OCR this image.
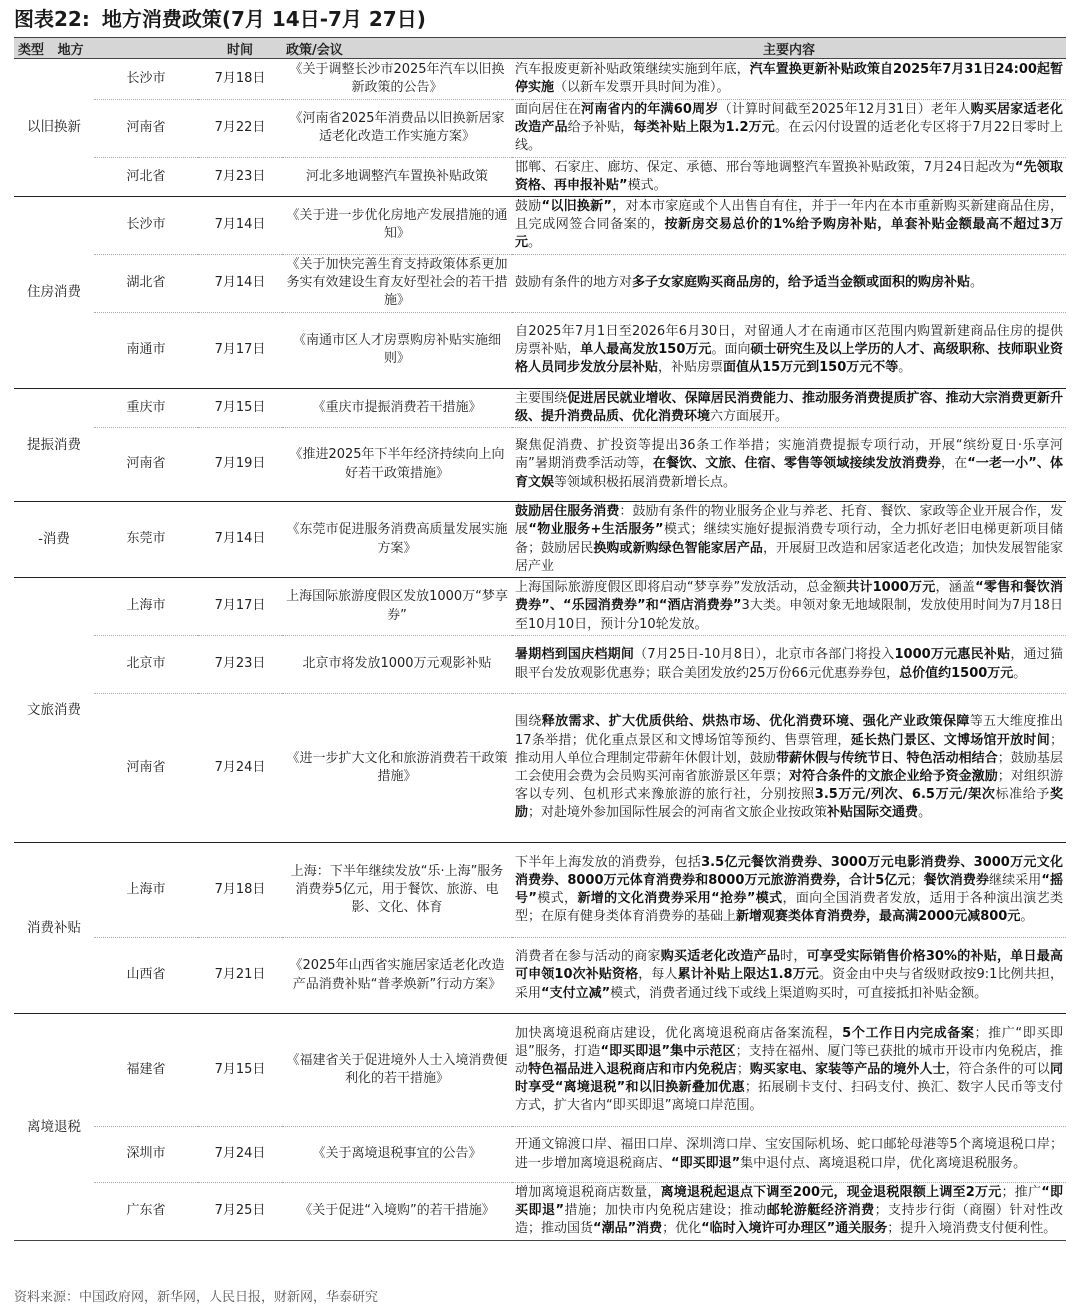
图表22: 地方消费政策(7月 14日-7月 27日)
类型 地方		时间	政策/会议	主要内容
以旧换新	长沙市	7月18日	《关于调整长沙市2025年汽车以旧换新政策的公告》	汽车报废更新补贴政策继续实施到年底，汽车置换更新补贴政策自2025年7月31日24:00起暂停实施（以新车发票开具时间为准）。
	河南省	7月22日	《河南省2025年消费品以旧换新居家适老化改造工作实施方案》	面向居住在河南省内的年满60周岁（计算时间截至2025年12月31日）老年人购买居家适老化改造产品给予补贴，每类补贴上限为1.2万元。在云闪付设置的适老化专区将于7月22日零时上线。
	河北省	7月23日	河北多地调整汽车置换补贴政策	邯郸、石家庄、廊坊、保定、承德、邢台等地调整汽车置换补贴政策，7月24日起改为“先领取资格、再申报补贴”模式。
住房消费	长沙市	7月14日	《关于进一步优化房地产发展措施的通知》	鼓励“以旧换新”，对本市家庭或个人出售自有住，并于一年内在本市重新购买新建商品住房，且完成网签合同备案的，按新房交易总价的1%给予购房补贴，单套补贴金额最高不超过3万元。
	湖北省	7月14日	《关于加快完善生育支持政策体系更加务实有效建设生育友好型社会的若干措施》	鼓励有条件的地方对多子女家庭购买商品房的，给予适当金额或面积的购房补贴。
	南通市	7月17日	《南通市区人才房票购房补贴实施细则》	自2025年7月1日至2026年6月30日，对留通人才在南通市区范围内购置新建商品住房的提供房票补贴，单人最高发放150万元。面向硕士研究生及以上学历的人才、高级职称、技师职业资格人员同步发放分层补贴，补贴房票面值从15万元到150万元不等。
提振消费	重庆市	7月15日	《重庆市提振消费若干措施》	主要围绕促进居民就业增收、保障居民消费能力、推动服务消费提质扩容、推动大宗消费更新升级、提升消费品质、优化消费环境六方面展开。
	河南省	7月19日	《推进2025年下半年经济持续向上向好若干政策措施》	聚焦促消费、扩投资等提出36条工作举措；实施消费提振专项行动，开展“缤纷夏日·乐享河南”暑期消费季活动等，在餐饮、文旅、住宿、零售等领域接续发放消费券，在“一老一小”、体育文娱等领域积极拓展消费新增长点。
-消费	东莞市	7月14日	《东莞市促进服务消费高质量发展实施方案》	鼓励居住服务消费：鼓励有条件的物业服务企业与养老、托育、餐饮、家政等企业开展合作，发展“物业服务+生活服务”模式；继续实施好提振消费专项行动，全力抓好老旧电梯更新项目储备；鼓励居民换购或新购绿色智能家居产品，开展厨卫改造和居家适老化改造；加快发展智能家居产业
文旅消费	上海市	7月17日	上海国际旅游度假区发放1000万“梦享券”	上海国际旅游度假区即将启动“梦享券”发放活动，总金额共计1000万元，涵盖“零售和餐饮消费券”、“乐园消费券”和“酒店消费券”3大类。申领对象无地域限制，发放使用时间为7月18日至10月10日，预计分10轮发放。
	北京市	7月23日	北京市将发放1000万元观影补贴	暑期档到国庆档期间（7月25日-10月8日），北京市各部门将投入1000万元惠民补贴，通过猫眼平台发放观影优惠券；联合美团发放约25万份66元优惠券券包，总价值约1500万元。
	河南省	7月24日	《进一步扩大文化和旅游消费若干政策措施》	围绕释放需求、扩大优质供给、烘热市场、优化消费环境、强化产业政策保障等五大维度推出17条举措；优化重点景区和文博场馆等预约、售票管理，延长热门景区、文博场馆开放时间；推动用人单位合理制定带薪年休假计划，鼓励带薪休假与传统节日、特色活动相结合；鼓励基层工会使用会费为会员购买河南省旅游景区年票；对符合条件的文旅企业给予资金激励；对组织游客以专列、包机形式来豫旅游的旅行社，分别按照3.5万元/列次、6.5万元/架次标准给予奖励；对赴境外参加国际性展会的河南省文旅企业按政策补贴国际交通费。
消费补贴	上海市	7月18日	上海：下半年继续发放“乐·上海”服务消费券5亿元，用于餐饮、旅游、电影、文化、体育	下半年上海发放的消费券，包括3.5亿元餐饮消费券、3000万元电影消费券、3000万元文化消费券、8000万元体育消费券和8000万元旅游消费券，合计5亿元；餐饮消费券继续采用“摇号”模式，新增的文化消费券采用“抢券”模式，面向全国消费者发放，适用于各种演出演艺类型；在原有健身类体育消费券的基础上新增观赛类体育消费券，最高满2000元减800元。
	山西省	7月21日	《2025年山西省实施居家适老化改造产品消费补贴“普孝焕新”行动方案》	消费者在参与活动的商家购买适老化改造产品时，可享受实际销售价格30%的补贴，单日最高可申领10次补贴资格，每人累计补贴上限达1.8万元。资金由中央与省级财政按9:1比例共担，采用“支付立减”模式，消费者通过线下或线上渠道购买时，可直接抵扣补贴金额。
离境退税	福建省	7月15日	《福建省关于促进境外人士入境消费便利化的若干措施》	加快离境退税商店建设，优化离境退税商店备案流程，5个工作日内完成备案；推广“即买即退”服务，打造“即买即退”集中示范区；支持在福州、厦门等已获批的城市开设市内免税店，推动特色福品进入退税商店和市内免税店；购买家电、家装等产品的境外人士，符合条件的可以同时享受“离境退税”和以旧换新叠加优惠；拓展刷卡支付、扫码支付、换汇、数字人民币等支付方式，扩大省内“即买即退”离境口岸范围。
	深圳市	7月24日	《关于离境退税事宜的公告》	开通文锦渡口岸、福田口岸、深圳湾口岸、宝安国际机场、蛇口邮轮母港等5个离境退税口岸；进一步增加离境退税商店、“即买即退”集中退付点、离境退税口岸，优化离境退税服务。
	广东省	7月25日	《关于促进“入境购”的若干措施》	增加离境退税商店数量，离境退税起退点下调至200元，现金退税限额上调至2万元；推广“即买即退”措施；加快市内免税店建设；推动邮轮游艇经济消费；支持步行街（商圈）针对性改造；推动国货“潮品”消费；优化“临时入境许可办理区”通关服务；提升入境消费支付便利性。
资料来源：中国政府网，新华网，人民日报，财新网，华泰研究
